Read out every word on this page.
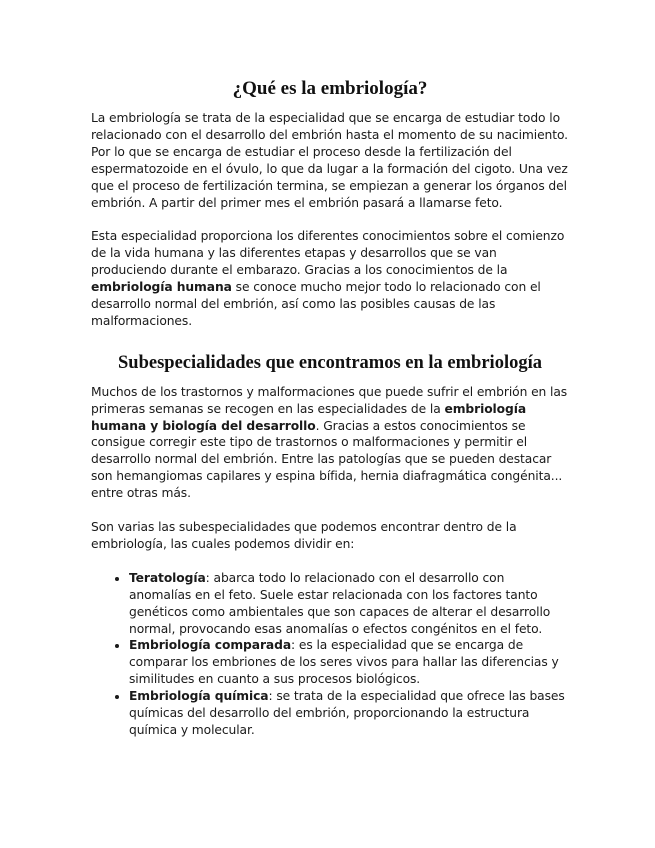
¿Qué es la embriología?

La embriología se trata de la especialidad que se encarga de estudiar todo lo relacionado con el desarrollo del embrión hasta el momento de su nacimiento. Por lo que se encarga de estudiar el proceso desde la fertilización del espermatozoide en el óvulo, lo que da lugar a la formación del cigoto. Una vez que el proceso de fertilización termina, se empiezan a generar los órganos del embrión. A partir del primer mes el embrión pasará a llamarse feto.

Esta especialidad proporciona los diferentes conocimientos sobre el comienzo de la vida humana y las diferentes etapas y desarrollos que se van produciendo durante el embarazo. Gracias a los conocimientos de la embriología humana se conoce mucho mejor todo lo relacionado con el desarrollo normal del embrión, así como las posibles causas de las malformaciones.

Subespecialidades que encontramos en la embriología

Muchos de los trastornos y malformaciones que puede sufrir el embrión en las primeras semanas se recogen en las especialidades de la embriología humana y biología del desarrollo. Gracias a estos conocimientos se consigue corregir este tipo de trastornos o malformaciones y permitir el desarrollo normal del embrión. Entre las patologías que se pueden destacar son hemangiomas capilares y espina bífida, hernia diafragmática congénita... entre otras más.

Son varias las subespecialidades que podemos encontrar dentro de la embriología, las cuales podemos dividir en:

• Teratología: abarca todo lo relacionado con el desarrollo con anomalías en el feto. Suele estar relacionada con los factores tanto genéticos como ambientales que son capaces de alterar el desarrollo normal, provocando esas anomalías o efectos congénitos en el feto.
• Embriología comparada: es la especialidad que se encarga de comparar los embriones de los seres vivos para hallar las diferencias y similitudes en cuanto a sus procesos biológicos.
• Embriología química: se trata de la especialidad que ofrece las bases químicas del desarrollo del embrión, proporcionando la estructura química y molecular.
